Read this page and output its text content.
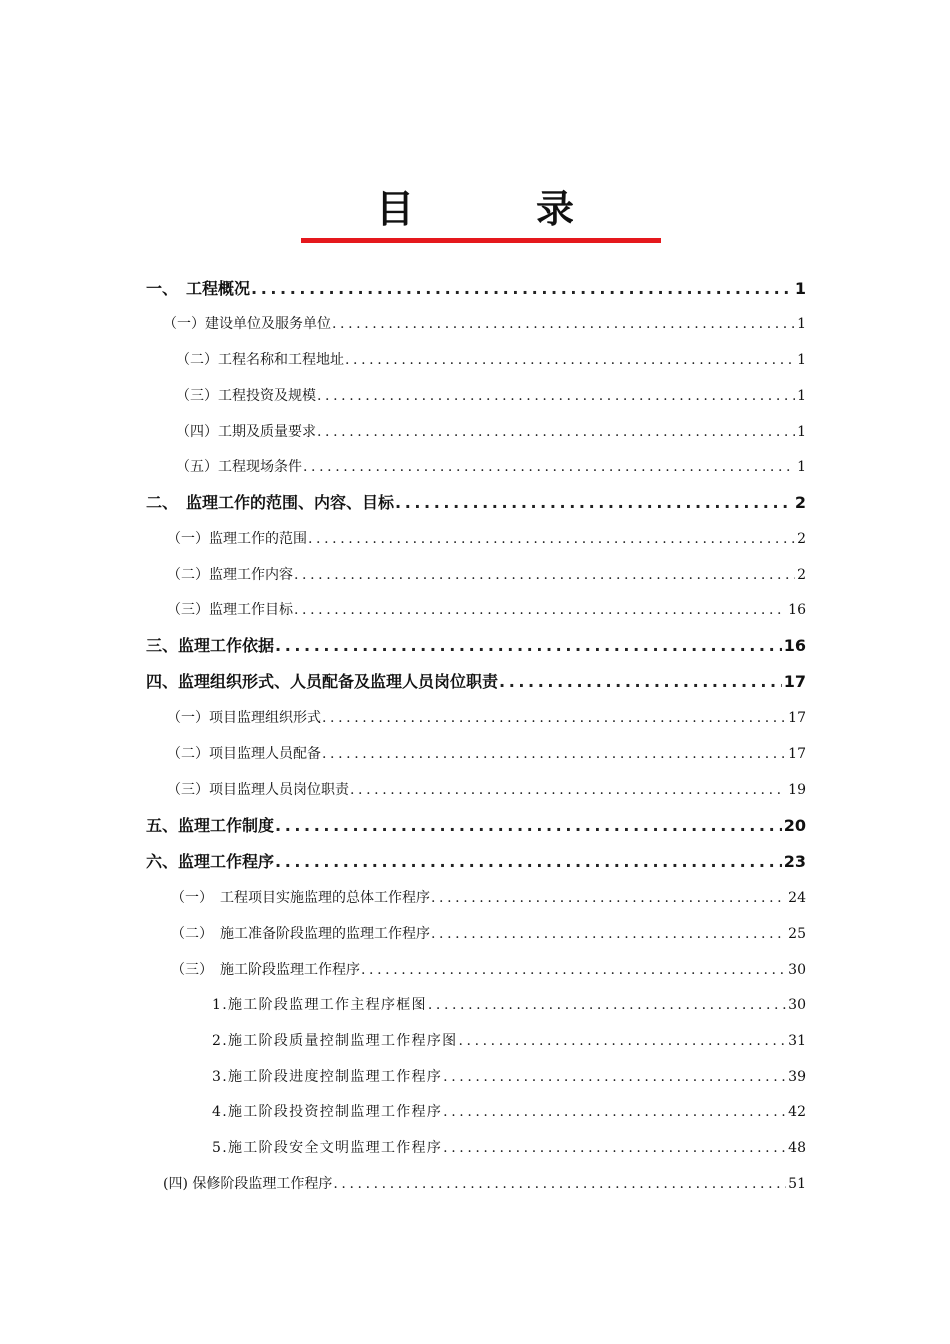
目　录
一、　工程概况 .....	1
（一）建设单位及服务单位 .....	1
（二）工程名称和工程地址 .....	1
（三）工程投资及规模 .....	1
（四）工期及质量要求 .....	1
（五）工程现场条件 .....	1
二、　监理工作的范围、内容、目标 .....	2
（一）监理工作的范围 .....	2
（二）监理工作内容 .....	2
（三）监理工作目标 .....	16
三、监理工作依据 .....	16
四、监理组织形式、人员配备及监理人员岗位职责 .....	17
（一）项目监理组织形式 .....	17
（二）项目监理人员配备 .....	17
（三）项目监理人员岗位职责 .....	19
五、监理工作制度 .....	20
六、监理工作程序 .....	23
（一）　工程项目实施监理的总体工作程序 .....	24
（二）　施工准备阶段监理的监理工作程序 .....	25
（三）　施工阶段监理工作程序 .....	30
1.施工阶段监理工作主程序框图 .....	30
2.施工阶段质量控制监理工作程序图 .....	31
3.施工阶段进度控制监理工作程序 .....	39
4.施工阶段投资控制监理工作程序 .....	42
5.施工阶段安全文明监理工作程序 .....	48
(四) 保修阶段监理工作程序 .....	51
